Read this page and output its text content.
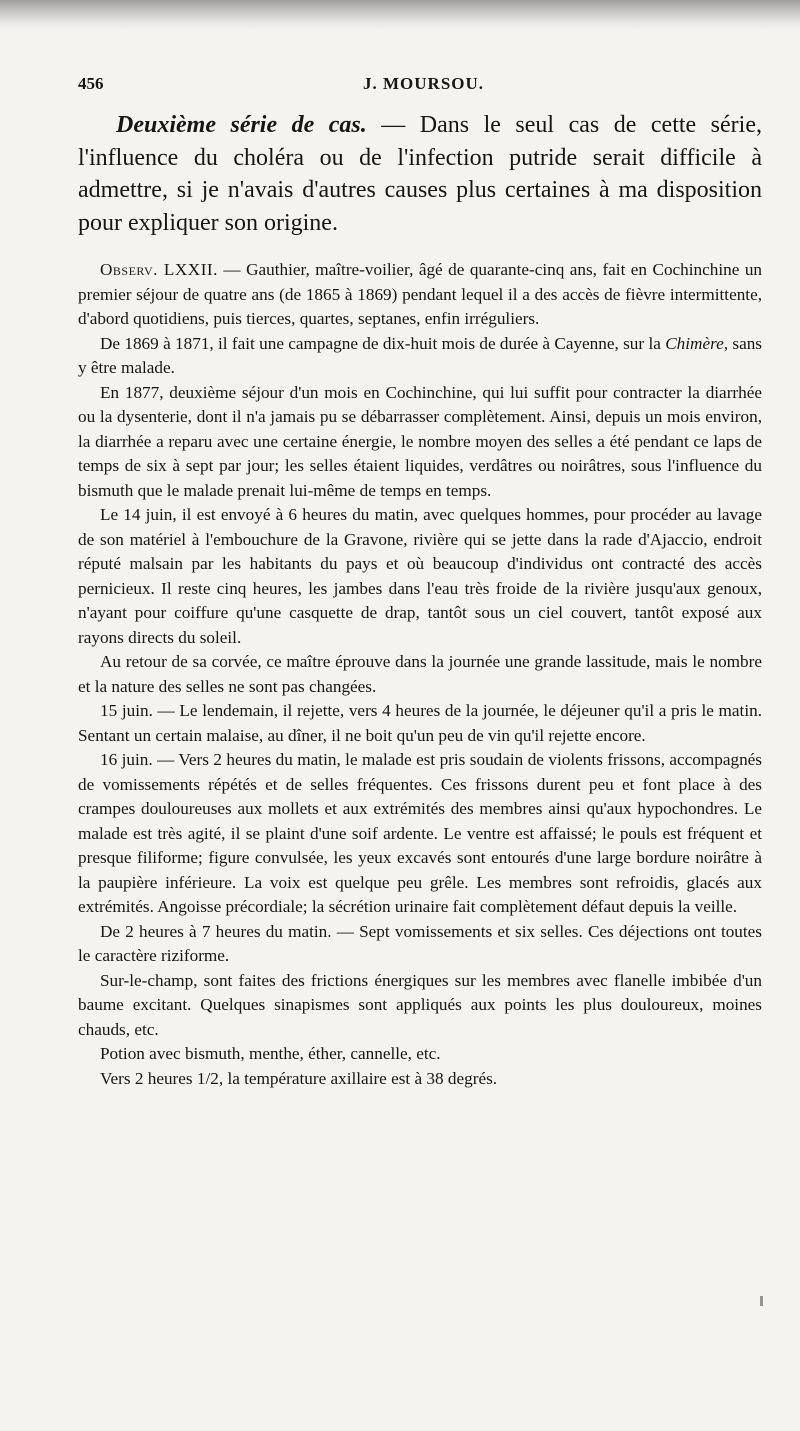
456	J. MOURSOU.

Deuxième série de cas. — Dans le seul cas de cette série, l'influence du choléra ou de l'infection putride serait difficile à admettre, si je n'avais d'autres causes plus certaines à ma disposition pour expliquer son origine.

Observ. LXXII. — Gauthier, maître-voilier, âgé de quarante-cinq ans, fait en Cochinchine un premier séjour de quatre ans (de 1865 à 1869) pendant lequel il a des accès de fièvre intermittente, d'abord quotidiens, puis tierces, quartes, septanes, enfin irréguliers.

De 1869 à 1871, il fait une campagne de dix-huit mois de durée à Cayenne, sur la Chimère, sans y être malade.

En 1877, deuxième séjour d'un mois en Cochinchine, qui lui suffit pour contracter la diarrhée ou la dysenterie, dont il n'a jamais pu se débarrasser complètement. Ainsi, depuis un mois environ, la diarrhée a reparu avec une certaine énergie, le nombre moyen des selles a été pendant ce laps de temps de six à sept par jour; les selles étaient liquides, verdâtres ou noirâtres, sous l'influence du bismuth que le malade prenait lui-même de temps en temps.

Le 14 juin, il est envoyé à 6 heures du matin, avec quelques hommes, pour procéder au lavage de son matériel à l'embouchure de la Gravone, rivière qui se jette dans la rade d'Ajaccio, endroit réputé malsain par les habitants du pays et où beaucoup d'individus ont contracté des accès pernicieux. Il reste cinq heures, les jambes dans l'eau très froide de la rivière jusqu'aux genoux, n'ayant pour coiffure qu'une casquette de drap, tantôt sous un ciel couvert, tantôt exposé aux rayons directs du soleil.

Au retour de sa corvée, ce maître éprouve dans la journée une grande lassitude, mais le nombre et la nature des selles ne sont pas changées.

15 juin. — Le lendemain, il rejette, vers 4 heures de la journée, le déjeuner qu'il a pris le matin. Sentant un certain malaise, au dîner, il ne boit qu'un peu de vin qu'il rejette encore.

16 juin. — Vers 2 heures du matin, le malade est pris soudain de violents frissons, accompagnés de vomissements répétés et de selles fréquentes. Ces frissons durent peu et font place à des crampes douloureuses aux mollets et aux extrémités des membres ainsi qu'aux hypochondres. Le malade est très agité, il se plaint d'une soif ardente. Le ventre est affaissé; le pouls est fréquent et presque filiforme; figure convulsée, les yeux excavés sont entourés d'une large bordure noirâtre à la paupière inférieure. La voix est quelque peu grêle. Les membres sont refroidis, glacés aux extrémités. Angoisse précordiale; la sécrétion urinaire fait complètement défaut depuis la veille.

De 2 heures à 7 heures du matin. — Sept vomissements et six selles. Ces déjections ont toutes le caractère riziforme.

Sur-le-champ, sont faites des frictions énergiques sur les membres avec flanelle imbibée d'un baume excitant. Quelques sinapismes sont appliqués aux points les plus douloureux, moines chauds, etc.

Potion avec bismuth, menthe, éther, cannelle, etc.

Vers 2 heures 1/2, la température axillaire est à 38 degrés.
